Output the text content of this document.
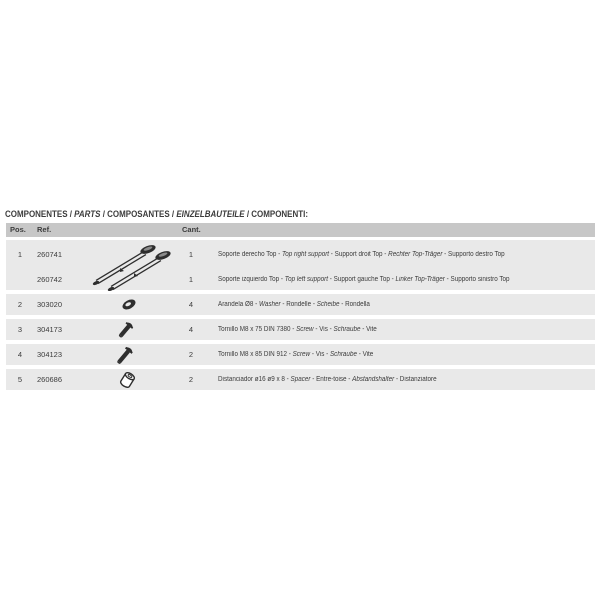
COMPONENTES / PARTS / COMPOSANTES / EINZELBAUTEILE / COMPONENTI:
Pos. Ref.	Cant.
1	260741	1	Soporte derecho Top - Top right support - Support droit Top - Rechter Top-Träger - Supporto destro Top
260742	1	Soporte izquierdo Top - Top left support - Support gauche Top - Linker Top-Träger - Supporto sinistro Top
2	303020	4	Arandela Ø8 - Washer - Rondelle - Scheibe - Rondella
3	304173	4	Tornillo M8 x 75 DIN 7380 - Screw - Vis - Schraube - Vite
4	304123	2	Tornillo M8 x 85 DIN 912 - Screw - Vis - Schraube - Vite
5	260686	2	Distanciador ø16 ø9 x 8 - Spacer - Entre-toise - Abstandshalter - Distanziatore
